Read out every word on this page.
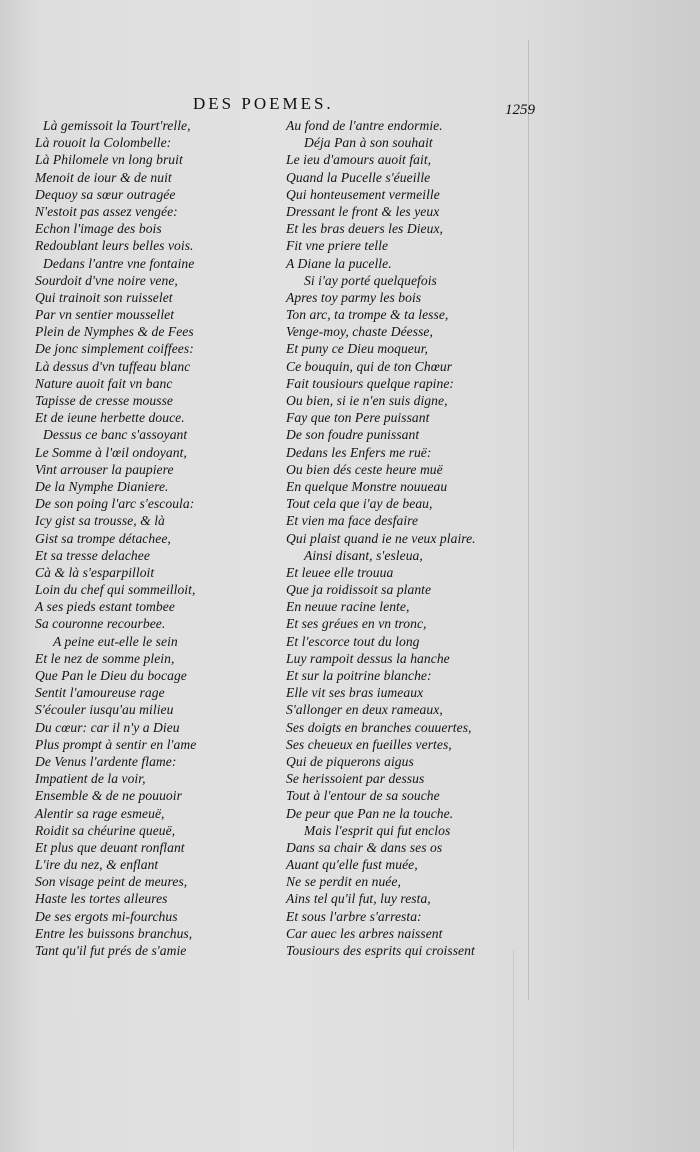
DES POEMES.	1259
Là gemissoit la Tourt'relle,
Là rouoit la Colombelle:
Là Philomele vn long bruit
Menoit de iour & de nuit
Dequoy sa sœur outragée
N'estoit pas assez vengée:
Echon l'image des bois
Redoublant leurs belles vois.
Dedans l'antre vne fontaine
Sourdoit d'vne noire vene,
Qui trainoit son ruisselet
Par vn sentier moussellet
Plein de Nymphes & de Fees
De jonc simplement coiffees:
Là dessus d'vn tuffeau blanc
Nature auoit fait vn banc
Tapisse de cresse mousse
Et de ieune herbette douce.
Dessus ce banc s'assoyant
Le Somme à l'œil ondoyant,
Vint arrouser la paupiere
De la Nymphe Dianiere.
De son poing l'arc s'escoula:
Icy gist sa trousse, & là
Gist sa trompe détachee,
Et sa tresse delachee
Cà & là s'esparpilloit
Loin du chef qui sommeilloit,
A ses pieds estant tombee
Sa couronne recourbee.
A peine eut-elle le sein
Et le nez de somme plein,
Que Pan le Dieu du bocage
Sentit l'amoureuse rage
S'écouler iusqu'au milieu
Du cœur: car il n'y a Dieu
Plus prompt à sentir en l'ame
De Venus l'ardente flame:
Impatient de la voir,
Ensemble & de ne pouuoir
Alentir sa rage esmeuë,
Roidit sa chéurine queuë,
Et plus que deuant ronflant
L'ire du nez, & enflant
Son visage peint de meures,
Haste les tortes alleures
De ses ergots mi-fourchus
Entre les buissons branchus,
Tant qu'il fut prés de s'amie
Au fond de l'antre endormie.
Déja Pan à son souhait
Le ieu d'amours auoit fait,
Quand la Pucelle s'éueille
Qui honteusement vermeille
Dressant le front & les yeux
Et les bras deuers les Dieux,
Fit vne priere telle
A Diane la pucelle.
Si i'ay porté quelquefois
Apres toy parmy les bois
Ton arc, ta trompe & ta lesse,
Venge-moy, chaste Déesse,
Et puny ce Dieu moqueur,
Ce bouquin, qui de ton Chœur
Fait tousiours quelque rapine:
Ou bien, si ie n'en suis digne,
Fay que ton Pere puissant
De son foudre punissant
Dedans les Enfers me ruë:
Ou bien dés ceste heure muë
En quelque Monstre nouueau
Tout cela que i'ay de beau,
Et vien ma face desfaire
Qui plaist quand ie ne veux plaire.
Ainsi disant, s'esleua,
Et leuee elle trouua
Que ja roidissoit sa plante
En neuue racine lente,
Et ses gréues en vn tronc,
Et l'escorce tout du long
Luy rampoit dessus la hanche
Et sur la poitrine blanche:
Elle vit ses bras iumeaux
S'allonger en deux rameaux,
Ses doigts en branches couuertes,
Ses cheueux en fueilles vertes,
Qui de piquerons aigus
Se herissoient par dessus
Tout à l'entour de sa souche
De peur que Pan ne la touche.
Mais l'esprit qui fut enclos
Dans sa chair & dans ses os
Auant qu'elle fust muée,
Ne se perdit en nuée,
Ains tel qu'il fut, luy resta,
Et sous l'arbre s'arresta:
Car auec les arbres naissent
Tousiours des esprits qui croissent
